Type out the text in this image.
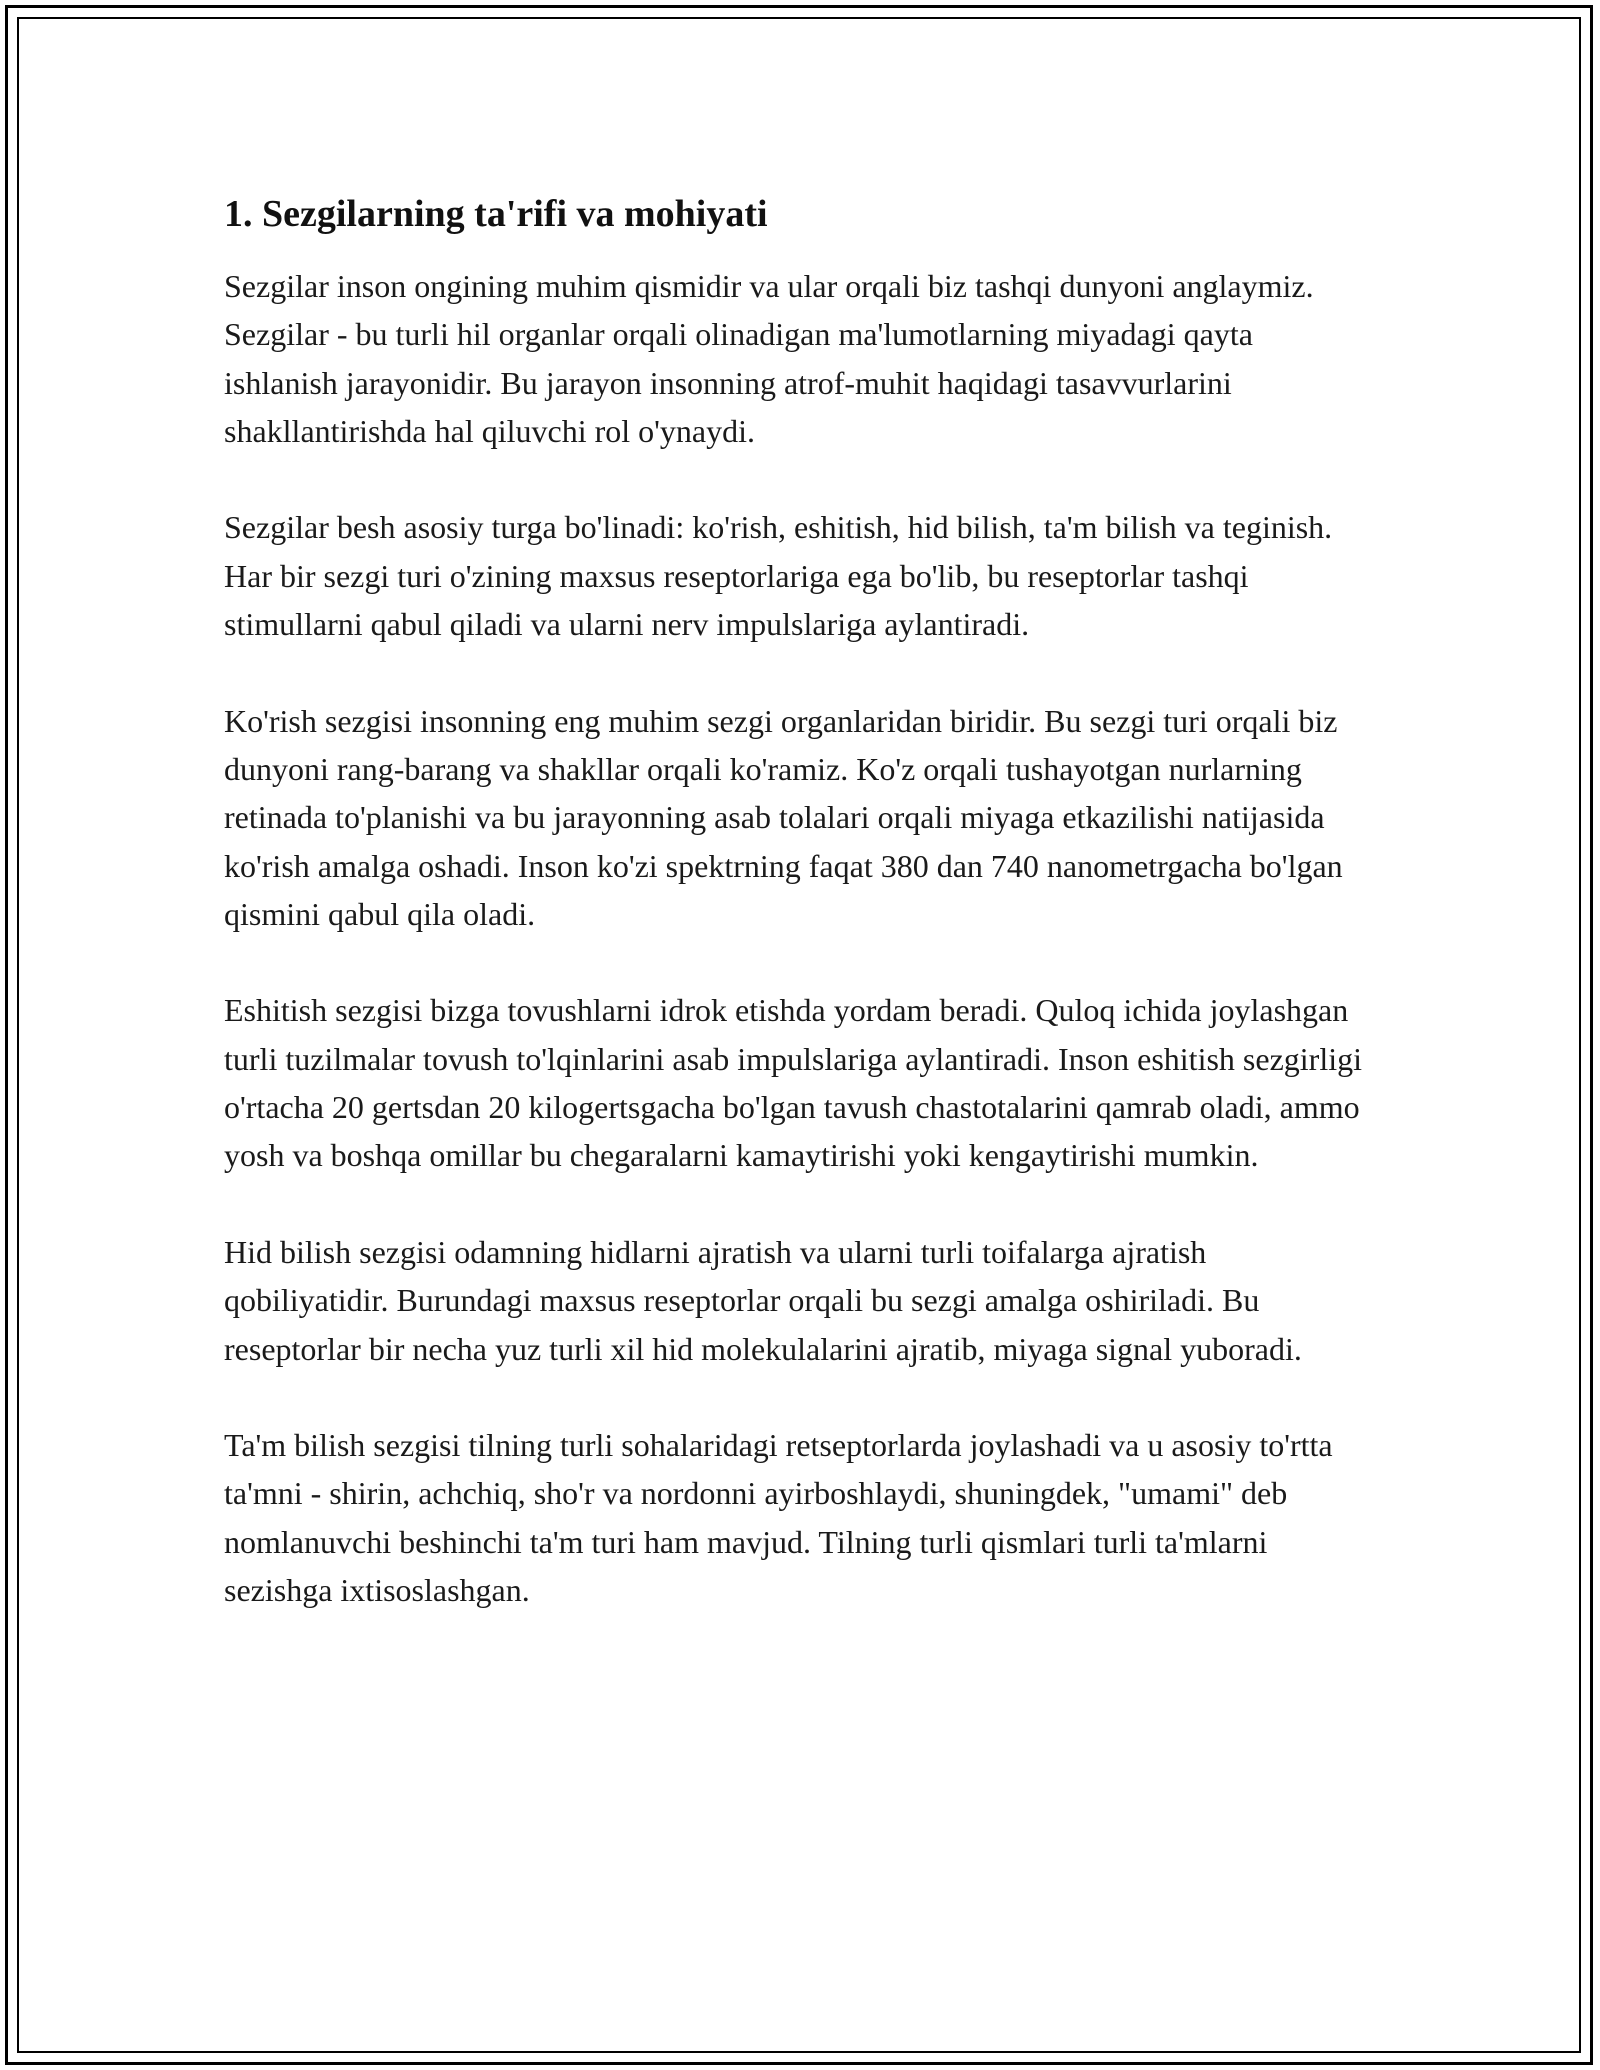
1. Sezgilarning ta'rifi va mohiyati

Sezgilar inson ongining muhim qismidir va ular orqali biz tashqi dunyoni anglaymiz. Sezgilar - bu turli hil organlar orqali olinadigan ma'lumotlarning miyadagi qayta ishlanish jarayonidir. Bu jarayon insonning atrof-muhit haqidagi tasavvurlarini shakllantirishda hal qiluvchi rol o'ynaydi.

Sezgilar besh asosiy turga bo'linadi: ko'rish, eshitish, hid bilish, ta'm bilish va teginish. Har bir sezgi turi o'zining maxsus reseptorlariga ega bo'lib, bu reseptorlar tashqi stimullarni qabul qiladi va ularni nerv impulslariga aylantiradi.

Ko'rish sezgisi insonning eng muhim sezgi organlaridan biridir. Bu sezgi turi orqali biz dunyoni rang-barang va shakllar orqali ko'ramiz. Ko'z orqali tushayotgan nurlarning retinada to'planishi va bu jarayonning asab tolalari orqali miyaga etkazilishi natijasida ko'rish amalga oshadi. Inson ko'zi spektrning faqat 380 dan 740 nanometrgacha bo'lgan qismini qabul qila oladi.

Eshitish sezgisi bizga tovushlarni idrok etishda yordam beradi. Quloq ichida joylashgan turli tuzilmalar tovush to'lqinlarini asab impulslariga aylantiradi. Inson eshitish sezgirligi o'rtacha 20 gertsdan 20 kilogertsgacha bo'lgan tavush chastotalarini qamrab oladi, ammo yosh va boshqa omillar bu chegaralarni kamaytirishi yoki kengaytirishi mumkin.

Hid bilish sezgisi odamning hidlarni ajratish va ularni turli toifalarga ajratish qobiliyatidir. Burundagi maxsus reseptorlar orqali bu sezgi amalga oshiriladi. Bu reseptorlar bir necha yuz turli xil hid molekulalarini ajratib, miyaga signal yuboradi.

Ta'm bilish sezgisi tilning turli sohalaridagi retseptorlarda joylashadi va u asosiy to'rtta ta'mni - shirin, achchiq, sho'r va nordonni ayirboshlaydi, shuningdek, "umami" deb nomlanuvchi beshinchi ta'm turi ham mavjud. Tilning turli qismlari turli ta'mlarni sezishga ixtisoslashgan.
